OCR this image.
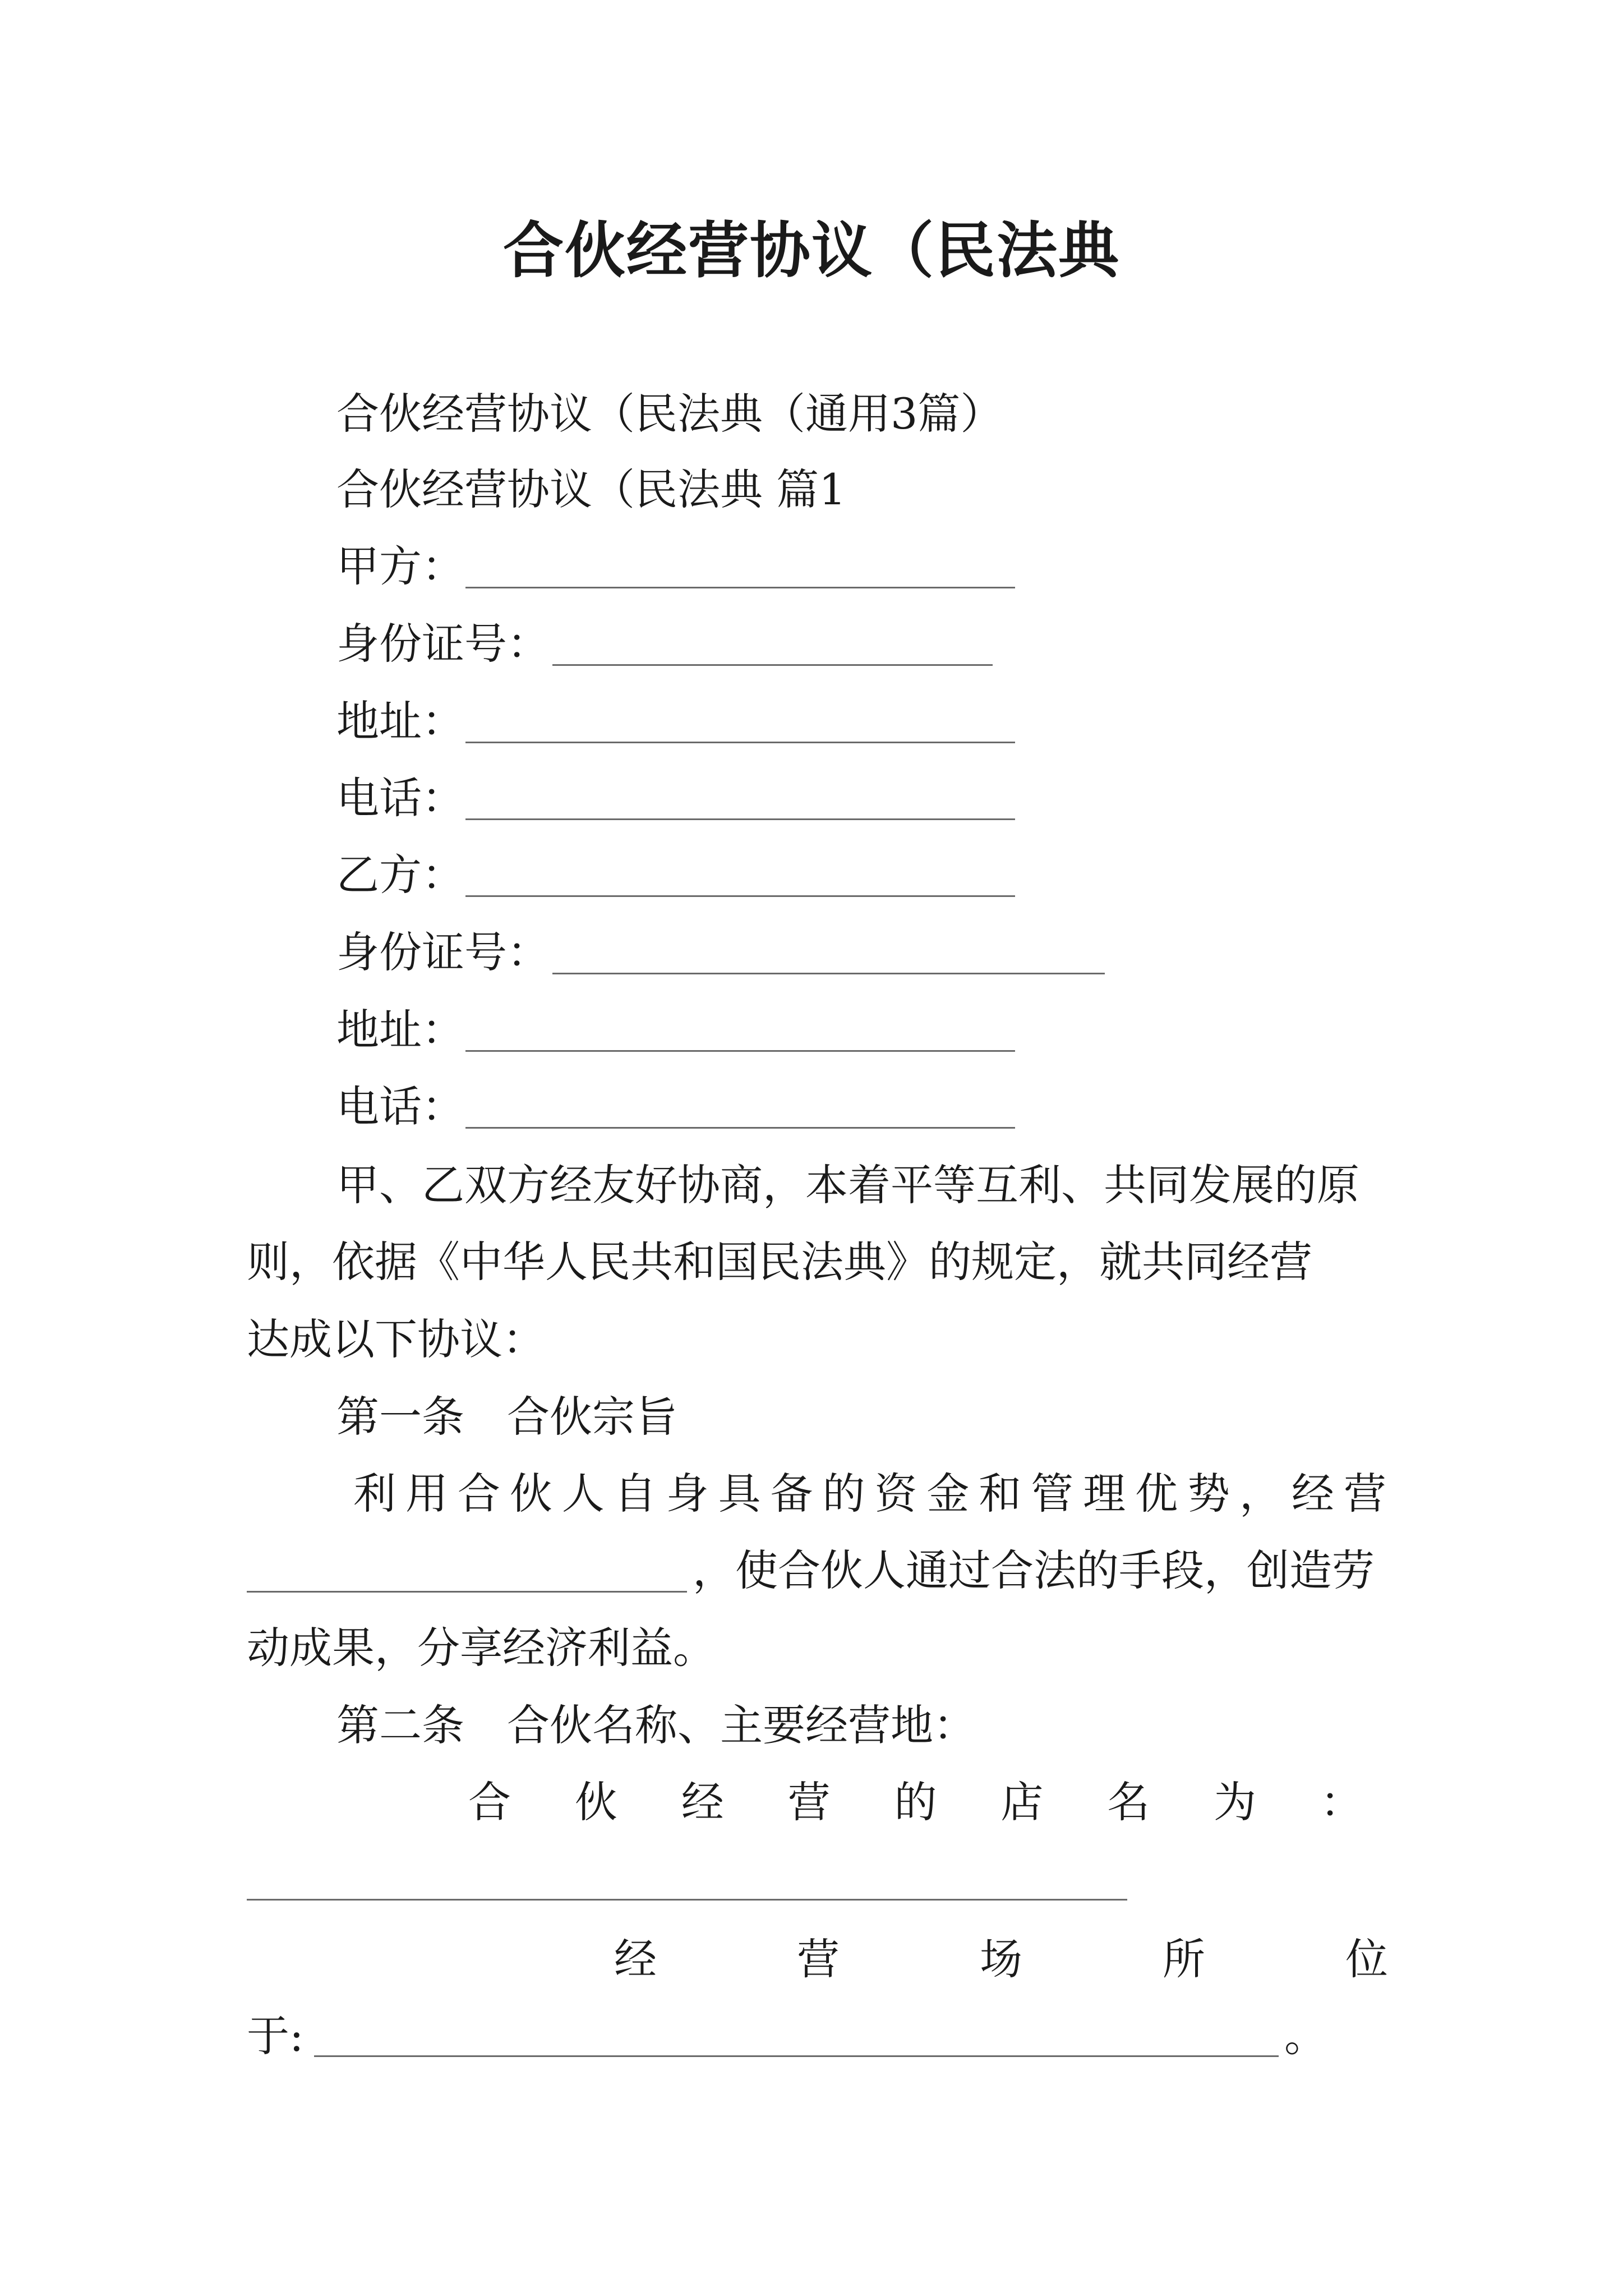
合伙经营协议（民法典
合伙经营协议（民法典（通用3篇）
合伙经营协议（民法典 篇1
甲方：
身份证号：
地址：
电话：
乙方：
身份证号：
地址：
电话：
甲、乙双方经友好协商，本着平等互利、共同发展的原
则，依据《中华人民共和国民法典》的规定，就共同经营
达成以下协议：
第一条　合伙宗旨
利 用 合 伙 人 自 身 具 备 的 资 金 和 管 理 优 势 ， 经 营
，使合伙人通过合法的手段，创造劳
动成果，分享经济利益。
第二条　合伙名称、主要经营地：
合 伙 经 营 的 店 名 为 ：
经	营	场	所	位
于:	。
